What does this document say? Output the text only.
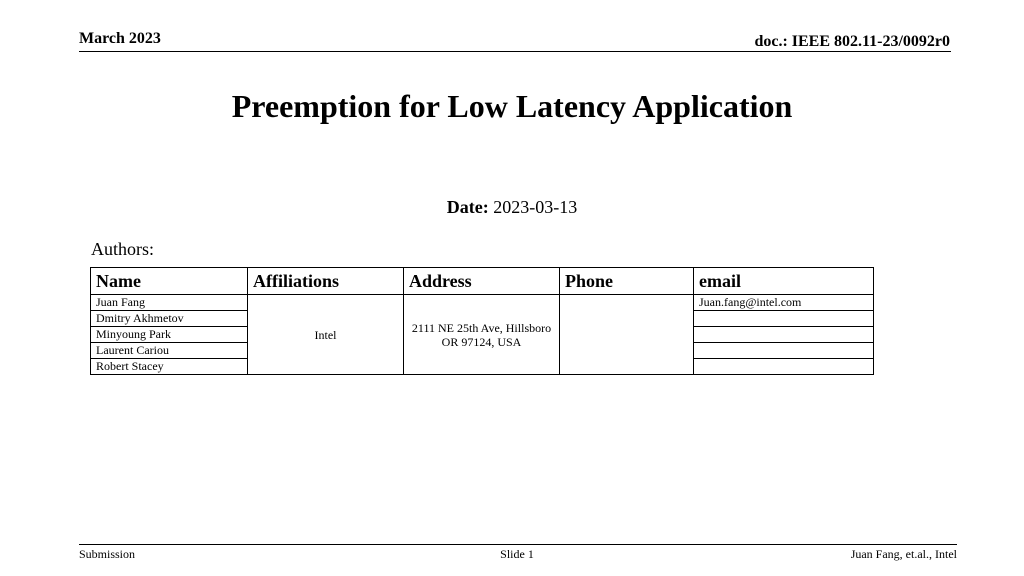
March 2023	doc.: IEEE 802.11-23/0092r0
Preemption for Low Latency Application
Date: 2023-03-13
Authors:
Name	Affiliations	Address	Phone	email
Juan Fang	Intel	2111 NE 25th Ave, Hillsboro OR 97124, USA		Juan.fang@intel.com
Dmitry Akhmetov				
Minyoung Park				
Laurent Cariou				
Robert Stacey				
Submission	Slide 1	Juan Fang, et.al., Intel
